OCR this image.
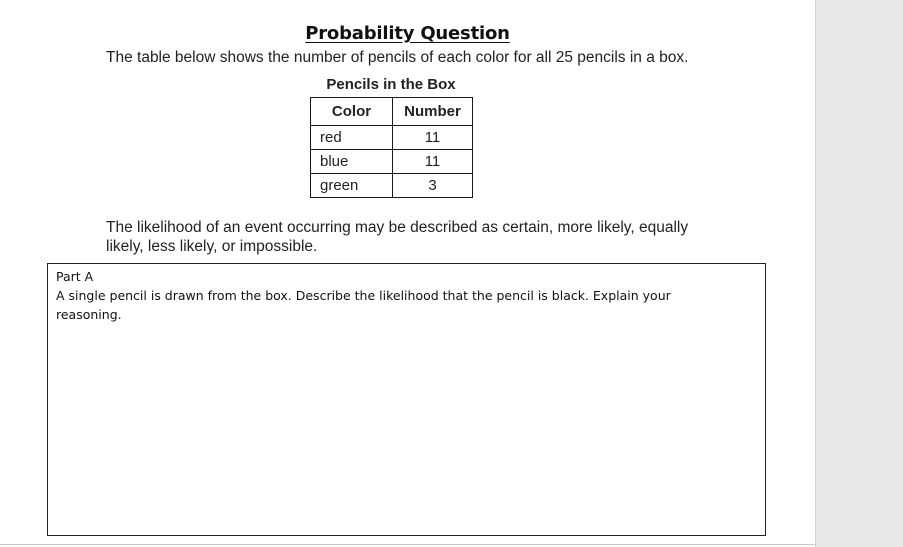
Probability Question

The table below shows the number of pencils of each color for all 25 pencils in a box.

Pencils in the Box

Color	Number
red	11
blue	11
green	3

The likelihood of an event occurring may be described as certain, more likely, equally
likely, less likely, or impossible.

Part A

A single pencil is drawn from the box. Describe the likelihood that the pencil is black. Explain your
reasoning.
